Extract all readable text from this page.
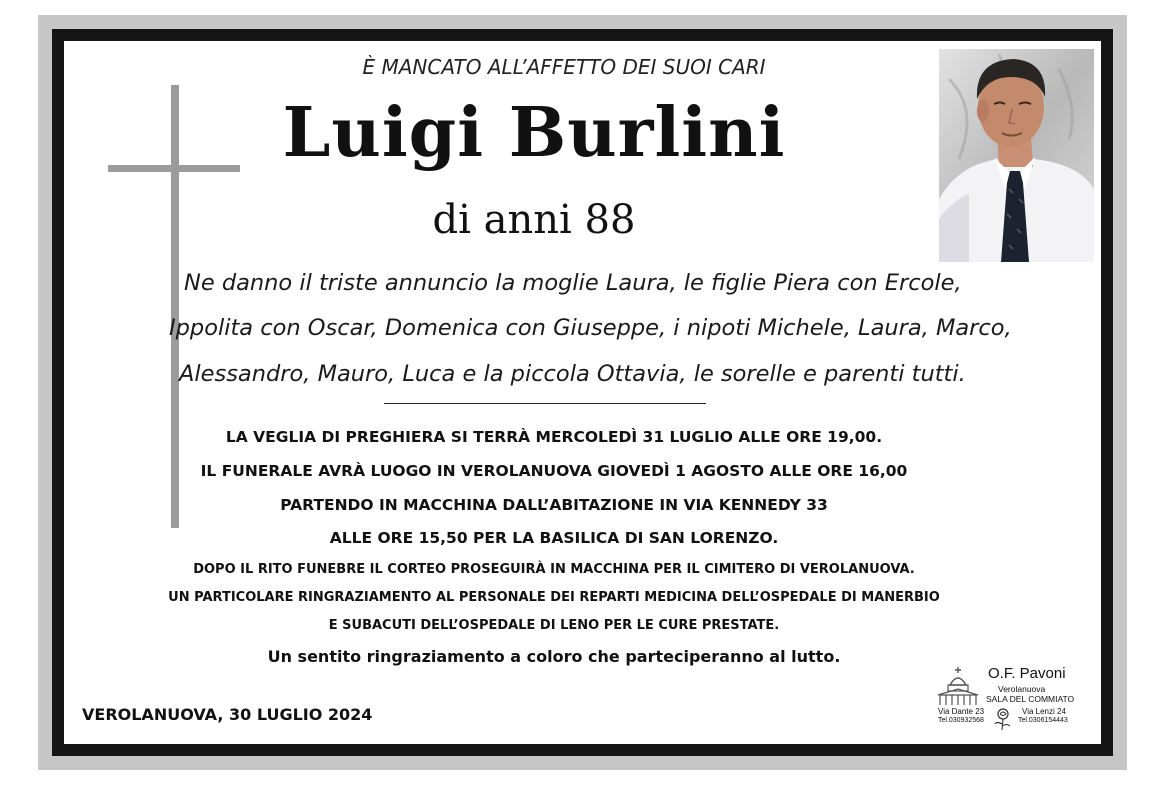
È MANCATO ALL’AFFETTO DEI SUOI CARI
Luigi Burlini
di anni 88
Ne danno il triste annuncio la moglie Laura, le figlie Piera con Ercole,
Ippolita con Oscar, Domenica con Giuseppe, i nipoti Michele, Laura, Marco,
Alessandro, Mauro, Luca e la piccola Ottavia, le sorelle e parenti tutti.
LA VEGLIA DI PREGHIERA SI TERRÀ MERCOLEDÌ 31 LUGLIO ALLE ORE 19,00.
IL FUNERALE AVRÀ LUOGO IN VEROLANUOVA GIOVEDÌ 1 AGOSTO ALLE ORE 16,00
PARTENDO IN MACCHINA DALL’ABITAZIONE IN VIA KENNEDY 33
ALLE ORE 15,50 PER LA BASILICA DI SAN LORENZO.
DOPO IL RITO FUNEBRE IL CORTEO PROSEGUIRÀ IN MACCHINA PER IL CIMITERO DI VEROLANUOVA.
UN PARTICOLARE RINGRAZIAMENTO AL PERSONALE DEI REPARTI MEDICINA DELL’OSPEDALE DI MANERBIO
E SUBACUTI DELL’OSPEDALE DI LENO PER LE CURE PRESTATE.
Un sentito ringraziamento a coloro che parteciperanno al lutto.
VEROLANUOVA, 30 LUGLIO 2024
O.F. Pavoni
Verolanuova
SALA DEL COMMIATO
Via Dante 23
Tel.030932568
Via Lenzi 24
Tel.0306154443
